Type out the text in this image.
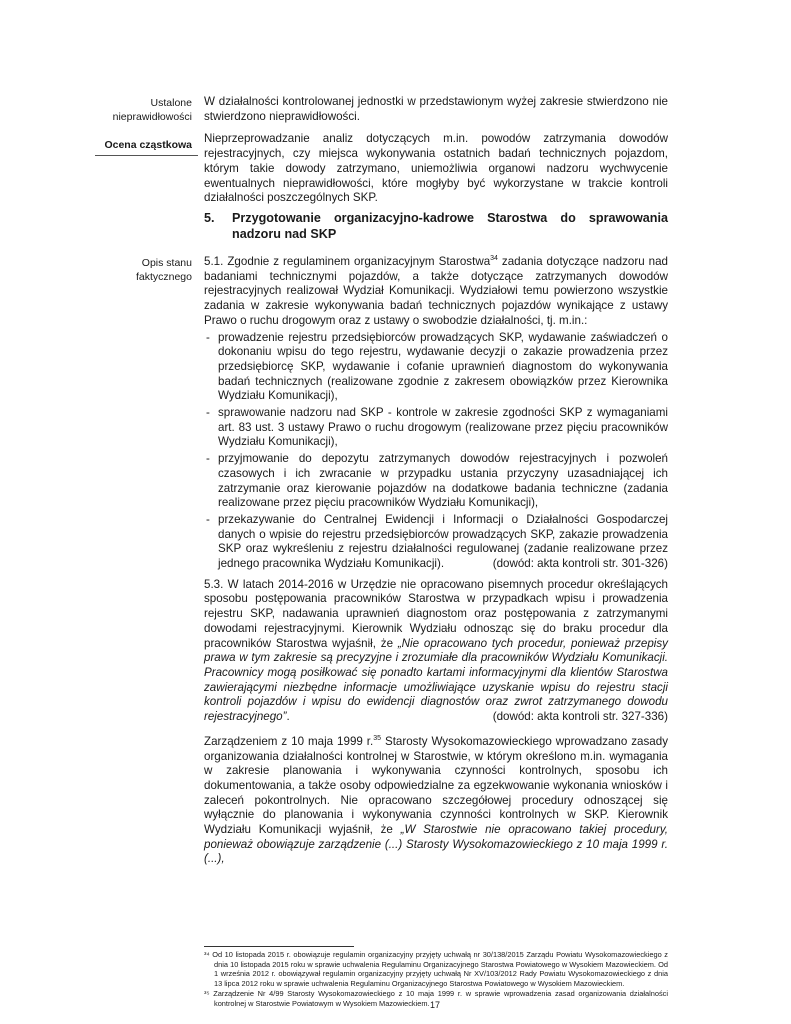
Ustalone
nieprawidłowości
Ocena cząstkowa
Opis stanu
faktycznego

W działalności kontrolowanej jednostki w przedstawionym wyżej zakresie stwierdzono nie stwierdzono nieprawidłowości.

Nieprzeprowadzanie analiz dotyczących m.in. powodów zatrzymania dowodów rejestracyjnych, czy miejsca wykonywania ostatnich badań technicznych pojazdom, którym takie dowody zatrzymano, uniemożliwia organowi nadzoru wychwycenie ewentualnych nieprawidłowości, które mogłyby być wykorzystane w trakcie kontroli działalności poszczególnych SKP.

5.	Przygotowanie organizacyjno-kadrowe Starostwa do sprawowania nadzoru nad SKP

5.1. Zgodnie z regulaminem organizacyjnym Starostwa$^{34}$ zadania dotyczące nadzoru nad badaniami technicznymi pojazdów, a także dotyczące zatrzymanych dowodów rejestracyjnych realizował Wydział Komunikacji. Wydziałowi temu powierzono wszystkie zadania w zakresie wykonywania badań technicznych pojazdów wynikające z ustawy Prawo o ruchu drogowym oraz z ustawy o swobodzie działalności, tj. m.in.:

- prowadzenie rejestru przedsiębiorców prowadzących SKP, wydawanie zaświadczeń o dokonaniu wpisu do tego rejestru, wydawanie decyzji o zakazie prowadzenia przez przedsiębiorcę SKP, wydawanie i cofanie uprawnień diagnostom do wykonywania badań technicznych (realizowane zgodnie z zakresem obowiązków przez Kierownika Wydziału Komunikacji),
- sprawowanie nadzoru nad SKP - kontrole w zakresie zgodności SKP z wymaganiami art. 83 ust. 3 ustawy Prawo o ruchu drogowym (realizowane przez pięciu pracowników Wydziału Komunikacji),
- przyjmowanie do depozytu zatrzymanych dowodów rejestracyjnych i pozwoleń czasowych i ich zwracanie w przypadku ustania przyczyny uzasadniającej ich zatrzymanie oraz kierowanie pojazdów na dodatkowe badania techniczne (zadania realizowane przez pięciu pracowników Wydziału Komunikacji),
- przekazywanie do Centralnej Ewidencji i Informacji o Działalności Gospodarczej danych o wpisie do rejestru przedsiębiorców prowadzących SKP, zakazie prowadzenia SKP oraz wykreśleniu z rejestru działalności regulowanej (zadanie realizowane przez jednego pracownika Wydziału Komunikacji).	(dowód: akta kontroli str. 301-326)

5.3. W latach 2014-2016 w Urzędzie nie opracowano pisemnych procedur określających sposobu postępowania pracowników Starostwa w przypadkach wpisu i prowadzenia rejestru SKP, nadawania uprawnień diagnostom oraz postępowania z zatrzymanymi dowodami rejestracyjnymi. Kierownik Wydziału odnosząc się do braku procedur dla pracowników Starostwa wyjaśnił, że „Nie opracowano tych procedur, ponieważ przepisy prawa w tym zakresie są precyzyjne i zrozumiałe dla pracowników Wydziału Komunikacji. Pracownicy mogą posiłkować się ponadto kartami informacyjnymi dla klientów Starostwa zawierającymi niezbędne informacje umożliwiające uzyskanie wpisu do rejestru stacji kontroli pojazdów i wpisu do ewidencji diagnostów oraz zwrot zatrzymanego dowodu rejestracyjnego”.	(dowód: akta kontroli str. 327-336)

Zarządzeniem z 10 maja 1999 r.$^{35}$ Starosty Wysokomazowieckiego wprowadzano zasady organizowania działalności kontrolnej w Starostwie, w którym określono m.in. wymagania w zakresie planowania i wykonywania czynności kontrolnych, sposobu ich dokumentowania, a także osoby odpowiedzialne za egzekwowanie wykonania wniosków i zaleceń pokontrolnych. Nie opracowano szczegółowej procedury odnoszącej się wyłącznie do planowania i wykonywania czynności kontrolnych w SKP. Kierownik Wydziału Komunikacji wyjaśnił, że „W Starostwie nie opracowano takiej procedury, ponieważ obowiązuje zarządzenie (...) Starosty Wysokomazowieckiego z 10 maja 1999 r. (...),

³⁴ Od 10 listopada 2015 r. obowiązuje regulamin organizacyjny przyjęty uchwałą nr 30/138/2015 Zarządu Powiatu Wysokomazowieckiego z dnia 10 listopada 2015 roku w sprawie uchwalenia Regulaminu Organizacyjnego Starostwa Powiatowego w Wysokiem Mazowieckiem. Od 1 września 2012 r. obowiązywał regulamin organizacyjny przyjęty uchwałą Nr XV/103/2012 Rady Powiatu Wysokomazowieckiego z dnia 13 lipca 2012 roku w sprawie uchwalenia Regulaminu Organizacyjnego Starostwa Powiatowego w Wysokiem Mazowieckiem.

³⁵ Zarządzenie Nr 4/99 Starosty Wysokomazowieckiego z 10 maja 1999 r. w sprawie wprowadzenia zasad organizowania działalności kontrolnej w Starostwie Powiatowym w Wysokiem Mazowieckiem. 17
